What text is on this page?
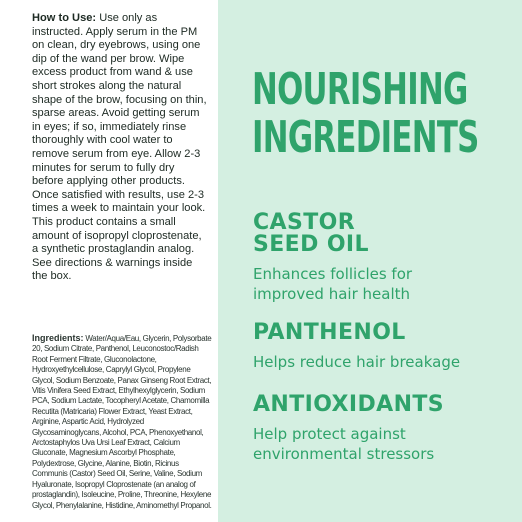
How to Use: Use only as instructed. Apply serum in the PM on clean, dry eyebrows, using one dip of the wand per brow. Wipe excess product from wand & use short strokes along the natural shape of the brow, focusing on thin, sparse areas. Avoid getting serum in eyes; if so, immediately rinse thoroughly with cool water to remove serum from eye. Allow 2-3 minutes for serum to fully dry before applying other products. Once satisfied with results, use 2-3 times a week to maintain your look. This product contains a small amount of isopropyl cloprostenate, a synthetic prostaglandin analog. See directions & warnings inside the box.

Ingredients: Water/Aqua/Eau, Glycerin, Polysorbate 20, Sodium Citrate, Panthenol, Leuconostoc/Radish Root Ferment Filtrate, Gluconolactone, Hydroxyethylcellulose, Caprylyl Glycol, Propylene Glycol, Sodium Benzoate, Panax Ginseng Root Extract, Vitis Vinifera Seed Extract, Ethylhexylglycerin, Sodium PCA, Sodium Lactate, Tocopheryl Acetate, Chamomilla Recutita (Matricaria) Flower Extract, Yeast Extract, Arginine, Aspartic Acid, Hydrolyzed Glycosaminoglycans, Alcohol, PCA, Phenoxyethanol, Arctostaphylos Uva Ursi Leaf Extract, Calcium Gluconate, Magnesium Ascorbyl Phosphate, Polydextrose, Glycine, Alanine, Biotin, Ricinus Communis (Castor) Seed Oil, Serine, Valine, Sodium Hyaluronate, Isopropyl Cloprostenate (an analog of prostaglandin), Isoleucine, Proline, Threonine, Hexylene Glycol, Phenylalanine, Histidine, Aminomethyl Propanol.

NOURISHING
INGREDIENTS

CASTOR
SEED OIL

Enhances follicles for
improved hair health

PANTHENOL

Helps reduce hair breakage

ANTIOXIDANTS

Help protect against
environmental stressors
